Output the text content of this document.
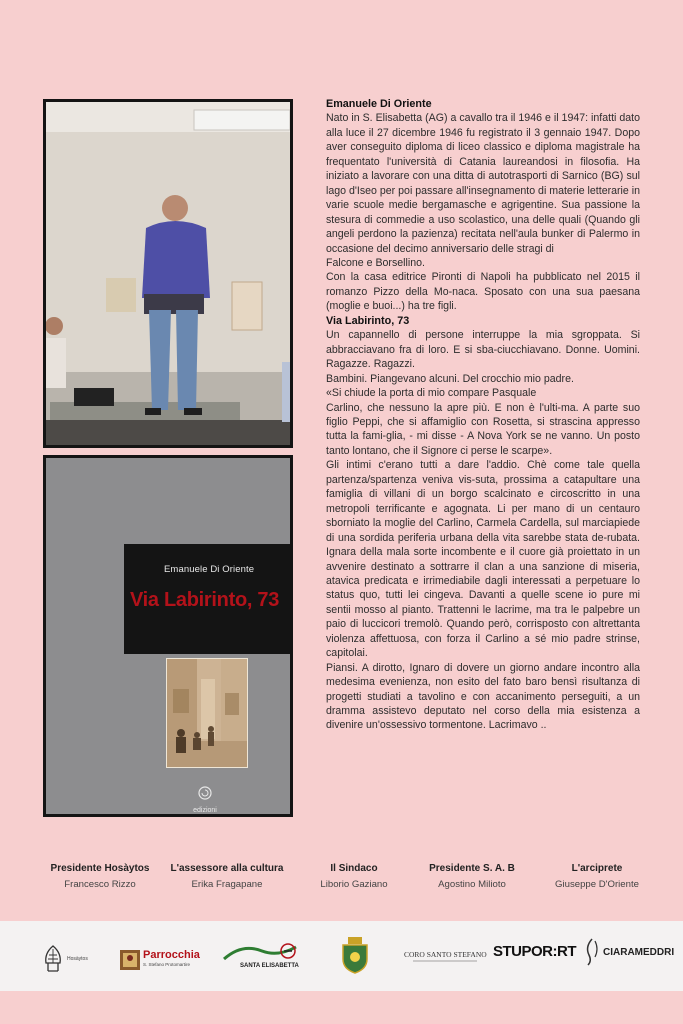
Emanuele Di Oriente
Via Labirinto, 73
edizioni
Emanuele Di Oriente

Nato in S. Elisabetta (AG) a cavallo tra il 1946 e il 1947: infatti dato alla luce il 27 dicembre 1946 fu registrato il 3 gennaio 1947. Dopo aver conseguito diploma di liceo classico e diploma magistrale ha frequentato l'università di Catania laureandosi in filosofia. Ha iniziato a lavorare con una ditta di autotrasporti di Sarnico (BG) sul lago d'Iseo per poi passare all'insegnamento di materie letterarie in varie scuole medie bergamasche e agrigentine. Sua passione la stesura di commedie a uso scolastico, una delle quali (Quando gli angeli perdono la pazienza) recitata nell'aula bunker di Palermo in occasione del decimo anniversario delle stragi di

Falcone e Borsellino.

Con la casa editrice Pironti di Napoli ha pubblicato nel 2015 il romanzo Pizzo della Mo-naca. Sposato con una sua paesana (moglie e buoi...) ha tre figli.

Via Labirinto, 73

Un capannello di persone interruppe la mia sgroppata. Si abbracciavano fra di loro. E si sba-ciucchiavano. Donne. Uomini. Ragazze. Ragazzi.

Bambini. Piangevano alcuni. Del crocchio mio padre.

«Si chiude la porta di mio compare Pasquale

Carlino, che nessuno la apre più. E non è l'ulti-ma. A parte suo figlio Peppi, che si affamiglio con Rosetta, si strascina appresso tutta la fami-glia, - mi disse - A Nova York se ne vanno. Un posto tanto lontano, che il Signore ci perse le scarpe».

Gli intimi c'erano tutti a dare l'addio. Chè come tale quella partenza/spartenza veniva vis-suta, prossima a catapultare una famiglia di villani di un borgo scalcinato e circoscritto in una metropoli terrificante e agognata. Li per mano di un centauro sborniato la moglie del Carlino, Carmela Cardella, sul marciapiede di una sordida periferia urbana della vita sarebbe stata de-rubata. Ignara della mala sorte incombente e il cuore già proiettato in un avvenire destinato a sottrarre il clan a una sanzione di miseria, atavica predicata e irrimediabile dagli interessati a perpetuare lo status quo, tutti lei cingeva. Davanti a quelle scene io pure mi sentii mosso al pianto. Trattenni le lacrime, ma tra le palpebre un paio di luccicori tremolò. Quando però, corrisposto con altrettanta violenza affettuosa, con forza il Carlino a sé mio padre strinse, capitolai.

Piansi. A dirotto, Ignaro di dovere un giorno andare incontro alla medesima evenienza, non esito del fato baro bensì risultanza di progetti studiati a tavolino e con accanimento perseguiti, a un dramma assistevo deputato nel corso della mia esistenza a divenire un'ossessivo tormentone. Lacrimavo ..

Presidente Hosàytos
Francesco Rizzo
L'assessore alla cultura
Erika Fragapane
Il Sindaco
Liborio Gaziano
Presidente S. A. B
Agostino Milioto
L'arciprete
Giuseppe D'Oriente
Hosàytos	Parrocchia
S. Stefano Protomartire	SANTA ELISABETTA
CORO SANTO STEFANO STUPOR:RT	CIARAMEDDRI
